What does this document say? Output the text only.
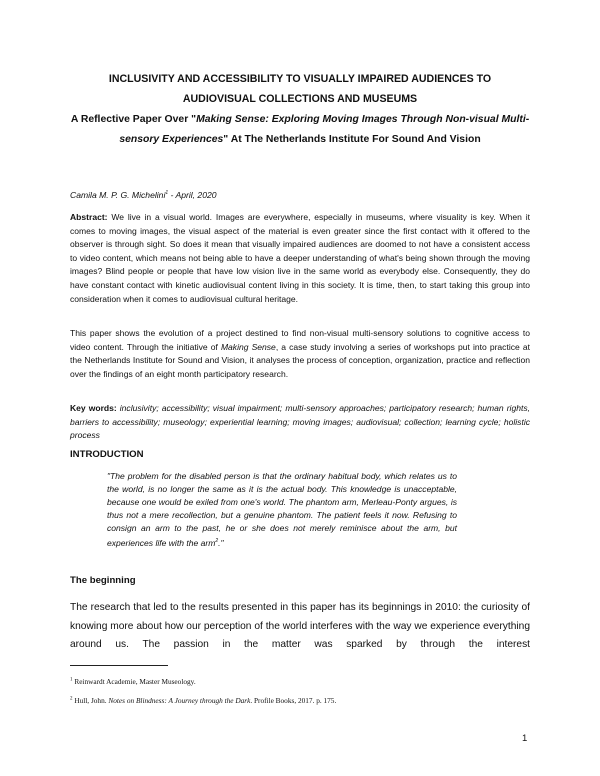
INCLUSIVITY AND ACCESSIBILITY TO VISUALLY IMPAIRED AUDIENCES TO
AUDIOVISUAL COLLECTIONS AND MUSEUMS
A Reflective Paper Over "Making Sense: Exploring Moving Images Through Non-visual Multi-sensory Experiences" At The Netherlands Institute For Sound And Vision
Camila M. P. G. Michelini$^1$ - April, 2020
Abstract: We live in a visual world. Images are everywhere, especially in museums, where visuality is key. When it comes to moving images, the visual aspect of the material is even greater since the first contact with it offered to the observer is through sight. So does it mean that visually impaired audiences are doomed to not have a consistent access to video content, which means not being able to have a deeper understanding of what's being shown through the moving images? Blind people or people that have low vision live in the same world as everybody else. Consequently, they do have constant contact with kinetic audiovisual content living in this society. It is time, then, to start taking this group into consideration when it comes to audiovisual cultural heritage.
This paper shows the evolution of a project destined to find non-visual multi-sensory solutions to cognitive access to video content. Through the initiative of Making Sense, a case study involving a series of workshops put into practice at the Netherlands Institute for Sound and Vision, it analyses the process of conception, organization, practice and reflection over the findings of an eight month participatory research.
Key words: inclusivity; accessibility; visual impairment; multi-sensory approaches; participatory research; human rights, barriers to accessibility; museology; experiential learning; moving images; audiovisual; collection; learning cycle; holistic process
INTRODUCTION
"The problem for the disabled person is that the ordinary habitual body, which relates us to the world, is no longer the same as it is the actual body. This knowledge is unacceptable, because one would be exiled from one's world. The phantom arm, Merleau-Ponty argues, is thus not a mere recollection, but a genuine phantom. The patient feels it now. Refusing to consign an arm to the past, he or she does not merely reminisce about the arm, but experiences life with the arm$^2$."
The beginning
The research that led to the results presented in this paper has its beginnings in 2010: the curiosity of knowing more about how our perception of the world interferes with the way we experience everything around us. The passion in the matter was sparked by through the interest
$^1$ Reinwardt Academie, Master Museology.
$^2$ Hull, John. Notes on Blindness: A Journey through the Dark. Profile Books, 2017. p. 175.
1
